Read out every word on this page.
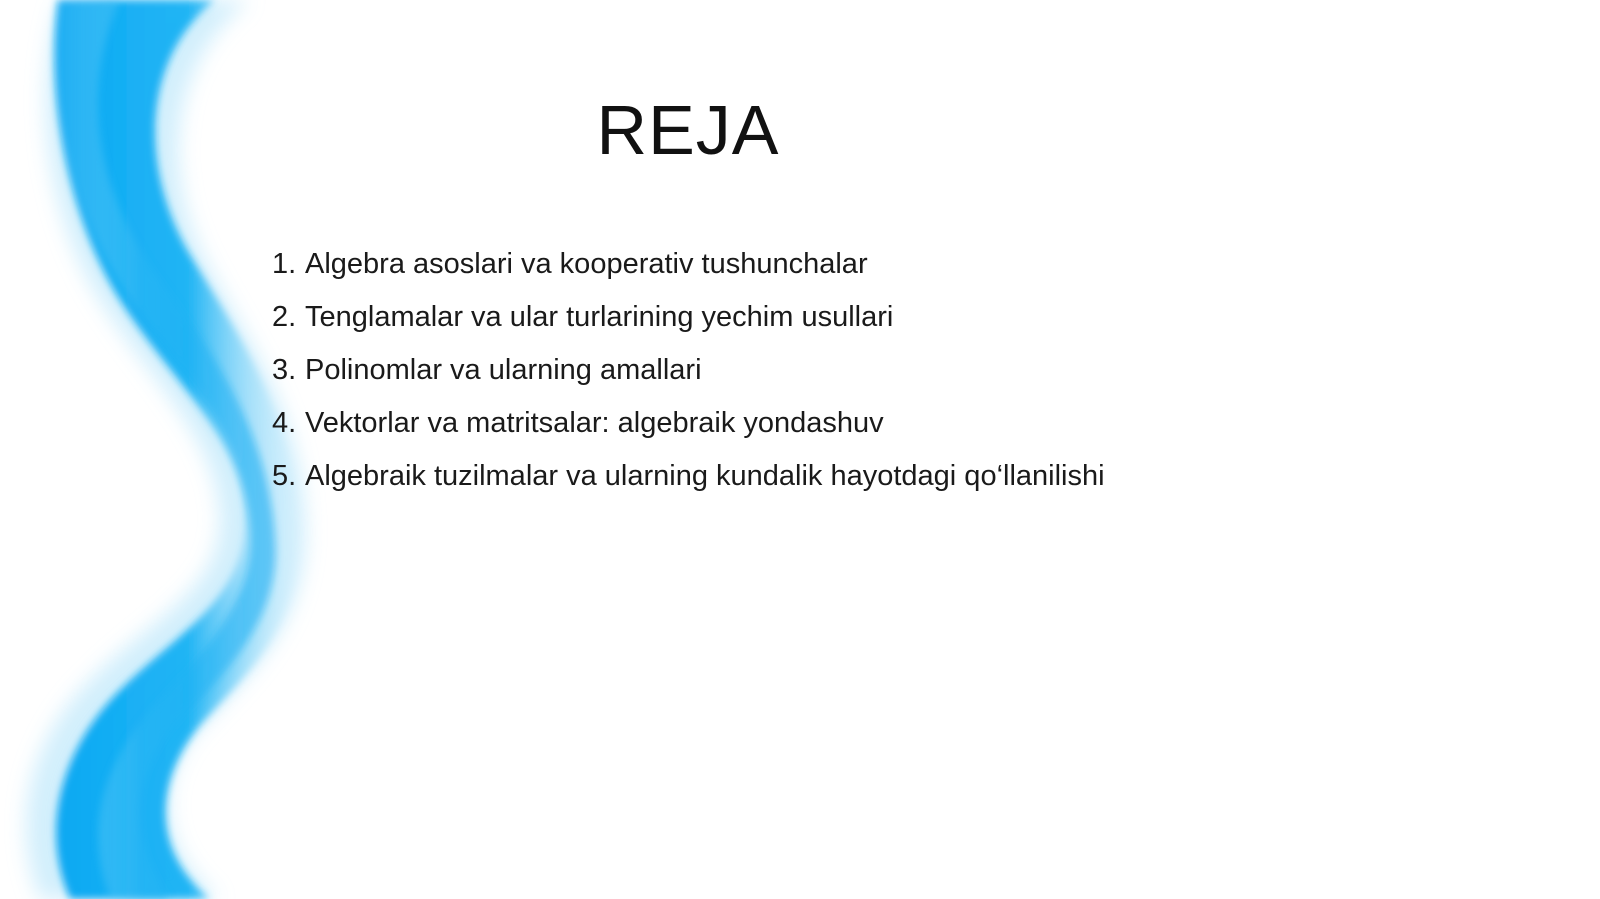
REJA
1. Algebra asoslari va kooperativ tushunchalar
2. Tenglamalar va ular turlarining yechim usullari
3. Polinomlar va ularning amallari
4. Vektorlar va matritsalar: algebraik yondashuv
5. Algebraik tuzilmalar va ularning kundalik hayotdagi qo‘llanilishi
